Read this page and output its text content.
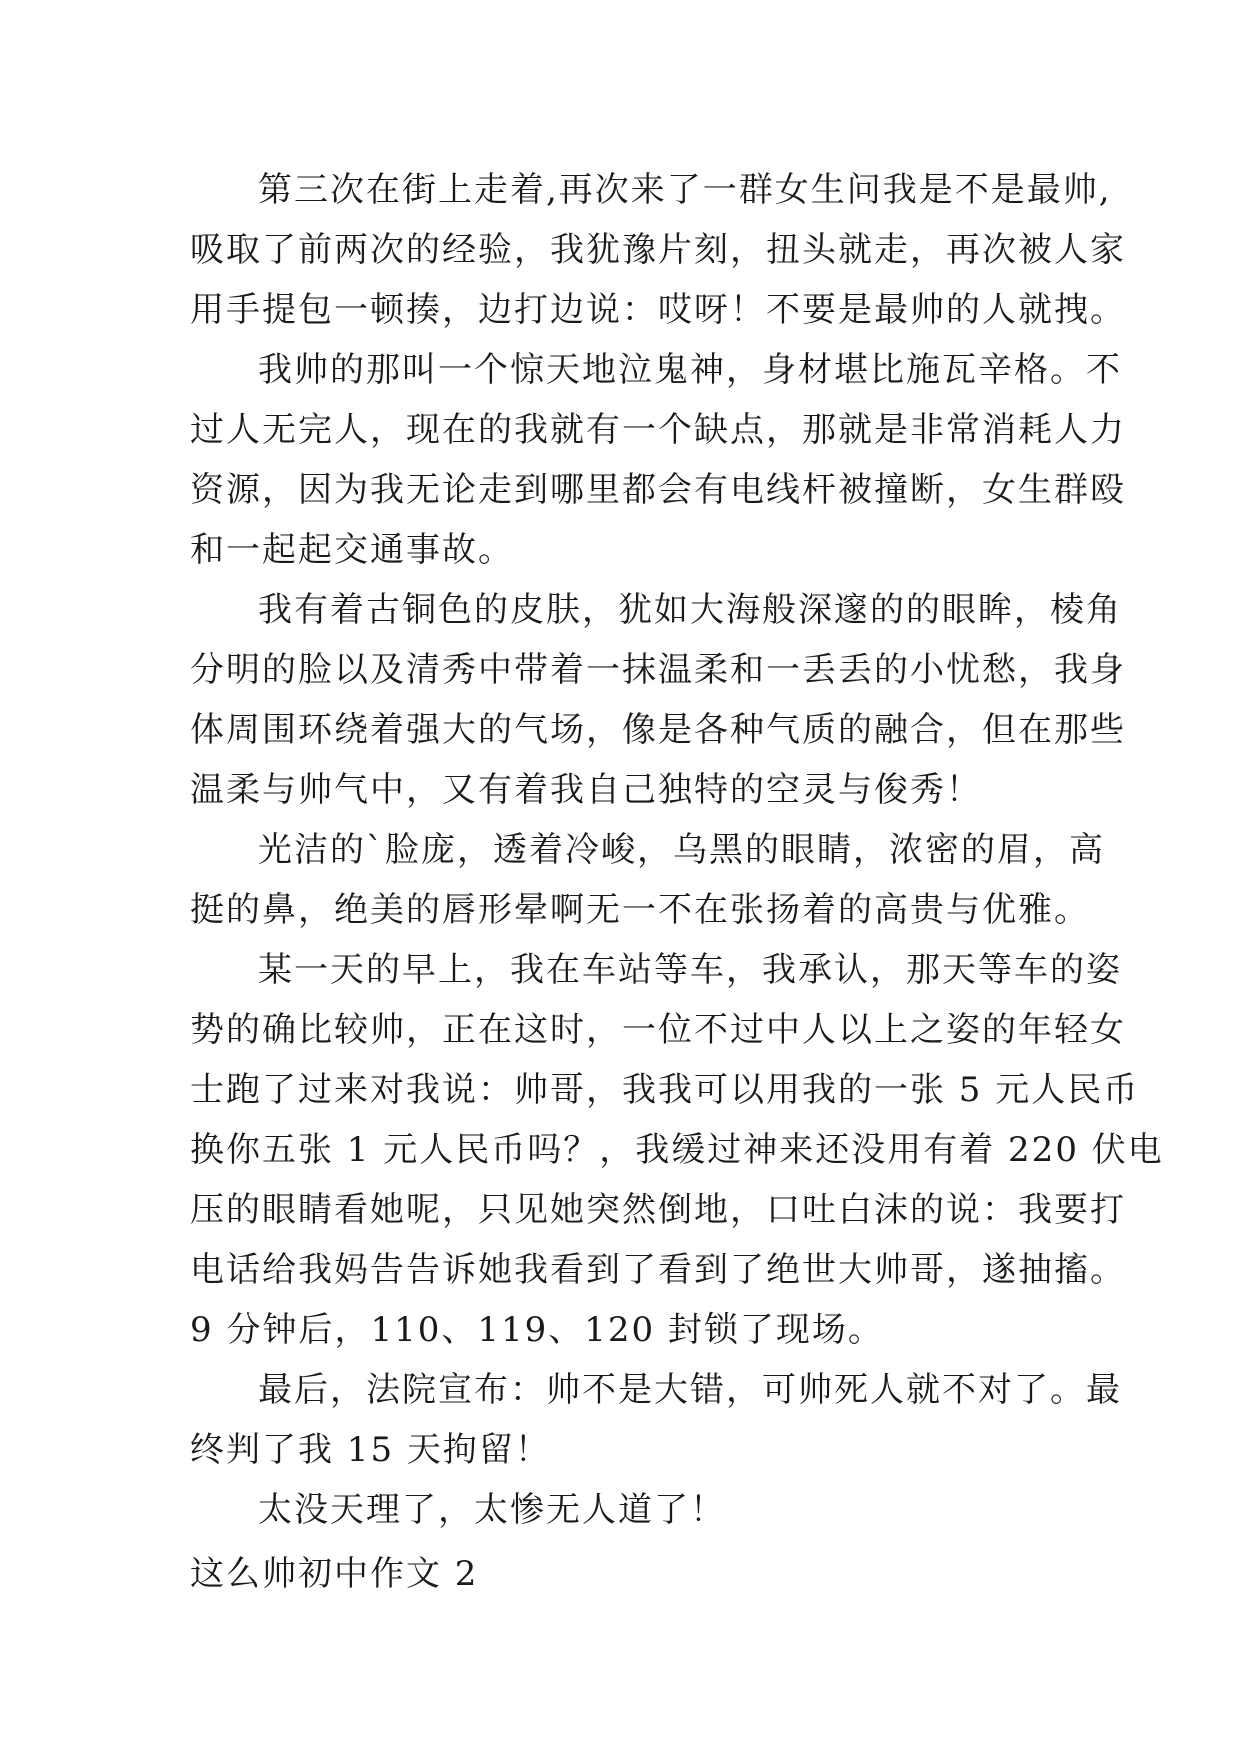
第三次在街上走着,再次来了一群女生问我是不是最帅,
吸取了前两次的经验，我犹豫片刻，扭头就走，再次被人家
用手提包一顿揍，边打边说：哎呀！不要是最帅的人就拽。
我帅的那叫一个惊天地泣鬼神，身材堪比施瓦辛格。不
过人无完人，现在的我就有一个缺点，那就是非常消耗人力
资源，因为我无论走到哪里都会有电线杆被撞断，女生群殴
和一起起交通事故。
我有着古铜色的皮肤，犹如大海般深邃的的眼眸，棱角
分明的脸以及清秀中带着一抹温柔和一丢丢的小忧愁，我身
体周围环绕着强大的气场，像是各种气质的融合，但在那些
温柔与帅气中，又有着我自己独特的空灵与俊秀！
光洁的`脸庞，透着冷峻，乌黑的眼睛，浓密的眉，高
挺的鼻，绝美的唇形晕啊无一不在张扬着的高贵与优雅。
某一天的早上，我在车站等车，我承认，那天等车的姿
势的确比较帅，正在这时，一位不过中人以上之姿的年轻女
士跑了过来对我说：帅哥，我我可以用我的一张 5 元人民币
换你五张 1 元人民币吗？，我缓过神来还没用有着 220 伏电
压的眼睛看她呢，只见她突然倒地，口吐白沫的说：我要打
电话给我妈告告诉她我看到了看到了绝世大帅哥，遂抽搐。
9 分钟后，110、119、120 封锁了现场。
最后，法院宣布：帅不是大错，可帅死人就不对了。最
终判了我 15 天拘留！
太没天理了，太惨无人道了！
这么帅初中作文 2
